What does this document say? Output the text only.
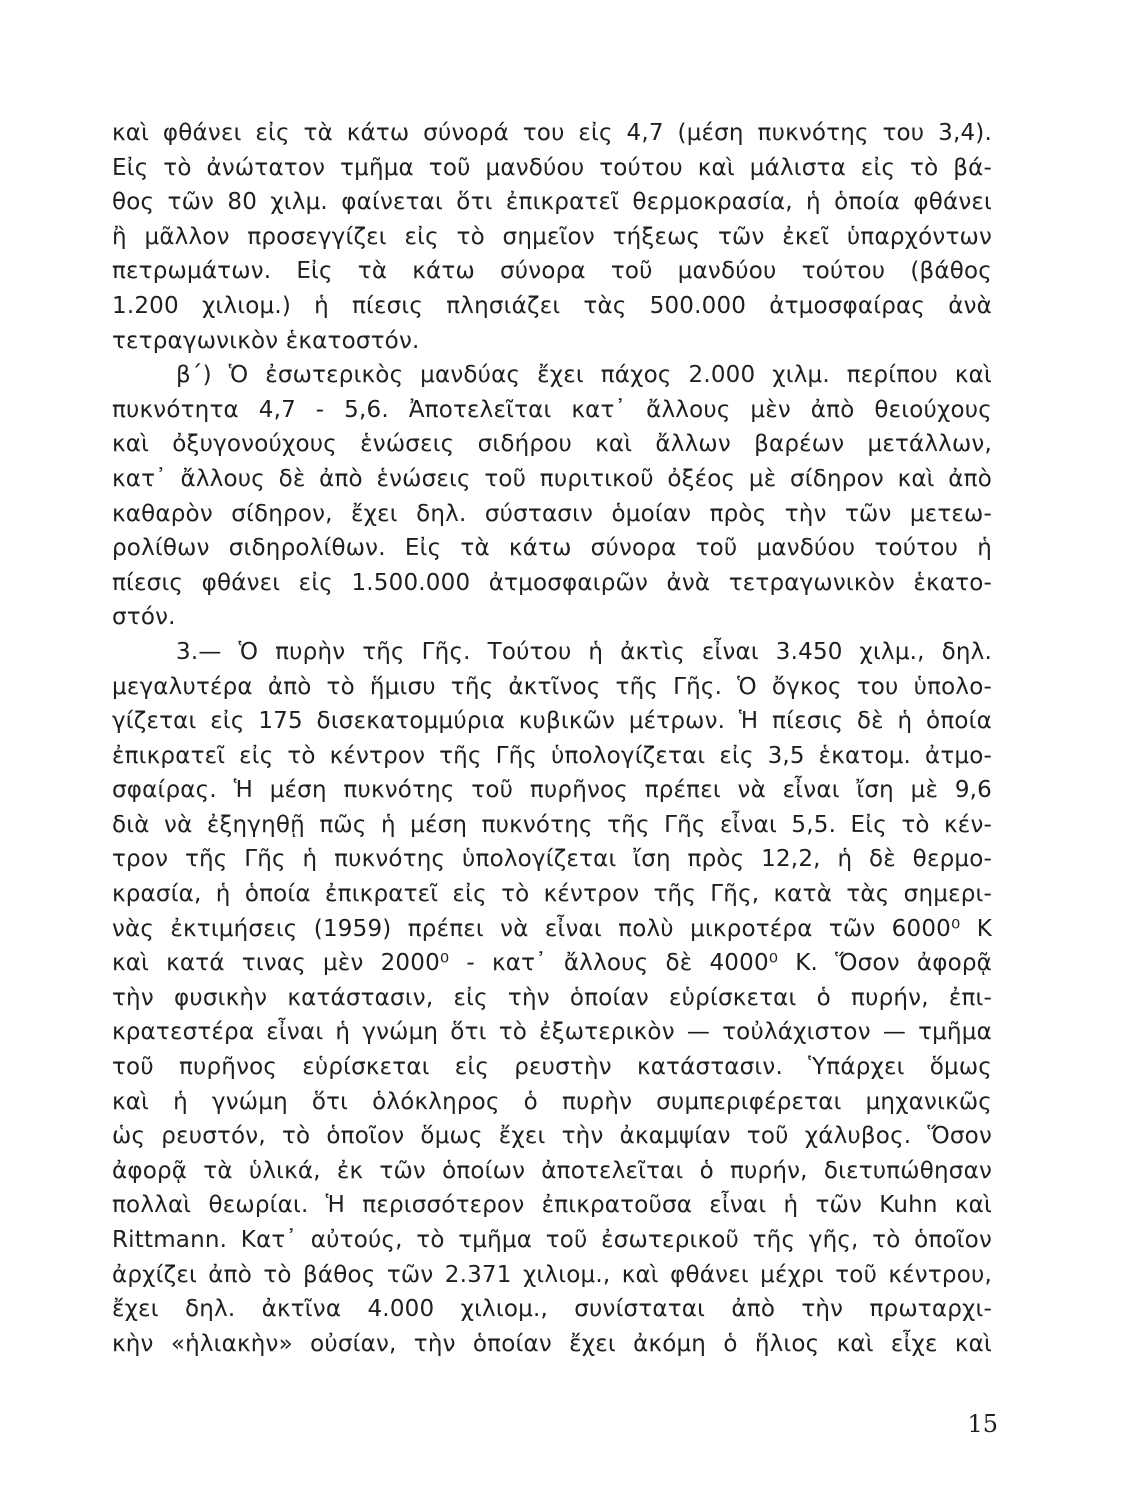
καὶ φθάνει εἰς τὰ κάτω σύνορά του εἰς 4,7 (μέση πυκνότης του 3,4).
Εἰς τὸ ἀνώτατον τμῆμα τοῦ μανδύου τούτου καὶ μάλιστα εἰς τὸ βά-
θος τῶν 80 χιλμ. φαίνεται ὅτι ἐπικρατεῖ θερμοκρασία, ἡ ὁποία φθάνει
ἢ μᾶλλον προσεγγίζει εἰς τὸ σημεῖον τήξεως τῶν ἐκεῖ ὑπαρχόντων
πετρωμάτων. Εἰς τὰ κάτω σύνορα τοῦ μανδύου τούτου (βάθος
1.200 χιλιομ.) ἡ πίεσις πλησιάζει τὰς 500.000 ἀτμοσφαίρας ἀνὰ
τετραγωνικὸν ἑκατοστόν.
β΄) Ὁ ἐσωτερικὸς μανδύας ἔχει πάχος 2.000 χιλμ. περίπου καὶ
πυκνότητα 4,7 - 5,6. Ἀποτελεῖται κατ᾽ ἄλλους μὲν ἀπὸ θειούχους
καὶ ὀξυγονούχους ἑνώσεις σιδήρου καὶ ἄλλων βαρέων μετάλλων,
κατ᾽ ἄλλους δὲ ἀπὸ ἑνώσεις τοῦ πυριτικοῦ ὀξέος μὲ σίδηρον καὶ ἀπὸ
καθαρὸν σίδηρον, ἔχει δηλ. σύστασιν ὁμοίαν πρὸς τὴν τῶν μετεω-
ρολίθων σιδηρολίθων. Εἰς τὰ κάτω σύνορα τοῦ μανδύου τούτου ἡ
πίεσις φθάνει εἰς 1.500.000 ἀτμοσφαιρῶν ἀνὰ τετραγωνικὸν ἑκατο-
στόν.
3.— Ὁ πυρὴν τῆς Γῆς. Τούτου ἡ ἀκτὶς εἶναι 3.450 χιλμ., δηλ.
μεγαλυτέρα ἀπὸ τὸ ἥμισυ τῆς ἀκτῖνος τῆς Γῆς. Ὁ ὄγκος του ὑπολο-
γίζεται εἰς 175 δισεκατομμύρια κυβικῶν μέτρων. Ἡ πίεσις δὲ ἡ ὁποία
ἐπικρατεῖ εἰς τὸ κέντρον τῆς Γῆς ὑπολογίζεται εἰς 3,5 ἑκατομ. ἀτμο-
σφαίρας. Ἡ μέση πυκνότης τοῦ πυρῆνος πρέπει νὰ εἶναι ἴση μὲ 9,6
διὰ νὰ ἐξηγηθῇ πῶς ἡ μέση πυκνότης τῆς Γῆς εἶναι 5,5. Εἰς τὸ κέν-
τρον τῆς Γῆς ἡ πυκνότης ὑπολογίζεται ἴση πρὸς 12,2, ἡ δὲ θερμο-
κρασία, ἡ ὁποία ἐπικρατεῖ εἰς τὸ κέντρον τῆς Γῆς, κατὰ τὰς σημερι-
νὰς ἐκτιμήσεις (1959) πρέπει νὰ εἶναι πολὺ μικροτέρα τῶν 6000⁰ K
καὶ κατά τινας μὲν 2000⁰ - κατ᾽ ἄλλους δὲ 4000⁰ K. Ὅσον ἀφορᾷ
τὴν φυσικὴν κατάστασιν, εἰς τὴν ὁποίαν εὑρίσκεται ὁ πυρήν, ἐπι-
κρατεστέρα εἶναι ἡ γνώμη ὅτι τὸ ἐξωτερικὸν — τοὐλάχιστον — τμῆμα
τοῦ πυρῆνος εὑρίσκεται εἰς ρευστὴν κατάστασιν. Ὑπάρχει ὅμως
καὶ ἡ γνώμη ὅτι ὁλόκληρος ὁ πυρὴν συμπεριφέρεται μηχανικῶς
ὡς ρευστόν, τὸ ὁποῖον ὅμως ἔχει τὴν ἀκαμψίαν τοῦ χάλυβος. Ὅσον
ἀφορᾷ τὰ ὑλικά, ἐκ τῶν ὁποίων ἀποτελεῖται ὁ πυρήν, διετυπώθησαν
πολλαὶ θεωρίαι. Ἡ περισσότερον ἐπικρατοῦσα εἶναι ἡ τῶν Kuhn καὶ
Rittmann. Κατ᾽ αὐτούς, τὸ τμῆμα τοῦ ἐσωτερικοῦ τῆς γῆς, τὸ ὁποῖον
ἀρχίζει ἀπὸ τὸ βάθος τῶν 2.371 χιλιομ., καὶ φθάνει μέχρι τοῦ κέντρου,
ἔχει δηλ. ἀκτῖνα 4.000 χιλιομ., συνίσταται ἀπὸ τὴν πρωταρχι-
κὴν «ἡλιακὴν» οὐσίαν, τὴν ὁποίαν ἔχει ἀκόμη ὁ ἥλιος καὶ εἶχε καὶ
15
